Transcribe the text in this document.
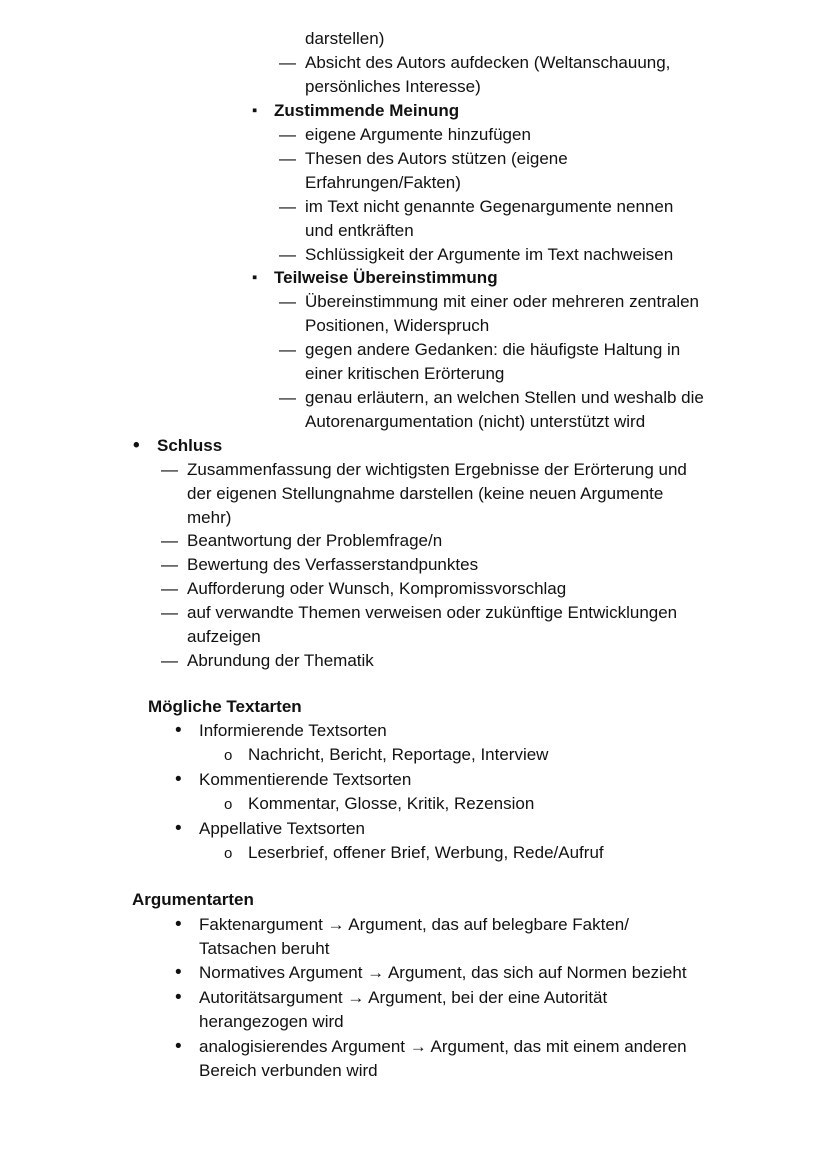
darstellen)
— Absicht des Autors aufdecken (Weltanschauung,
persönliches Interesse)
▪ Zustimmende Meinung
— eigene Argumente hinzufügen
— Thesen des Autors stützen (eigene
Erfahrungen/Fakten)
— im Text nicht genannte Gegenargumente nennen
und entkräften
— Schlüssigkeit der Argumente im Text nachweisen
▪ Teilweise Übereinstimmung
— Übereinstimmung mit einer oder mehreren zentralen
Positionen, Widerspruch
— gegen andere Gedanken: die häufigste Haltung in
einer kritischen Erörterung
— genau erläutern, an welchen Stellen und weshalb die
Autorenargumentation (nicht) unterstützt wird
• Schluss
— Zusammenfassung der wichtigsten Ergebnisse der Erörterung und
der eigenen Stellungnahme darstellen (keine neuen Argumente
mehr)
— Beantwortung der Problemfrage/n
— Bewertung des Verfasserstandpunktes
— Aufforderung oder Wunsch, Kompromissvorschlag
— auf verwandte Themen verweisen oder zukünftige Entwicklungen
aufzeigen
— Abrundung der Thematik
Mögliche Textarten
• Informierende Textsorten
o Nachricht, Bericht, Reportage, Interview
• Kommentierende Textsorten
o Kommentar, Glosse, Kritik, Rezension
• Appellative Textsorten
o Leserbrief, offener Brief, Werbung, Rede/Aufruf
Argumentarten
• Faktenargument → Argument, das auf belegbare Fakten/
Tatsachen beruht
• Normatives Argument → Argument, das sich auf Normen bezieht
• Autoritätsargument → Argument, bei der eine Autorität
herangezogen wird
• analogisierendes Argument → Argument, das mit einem anderen
Bereich verbunden wird
